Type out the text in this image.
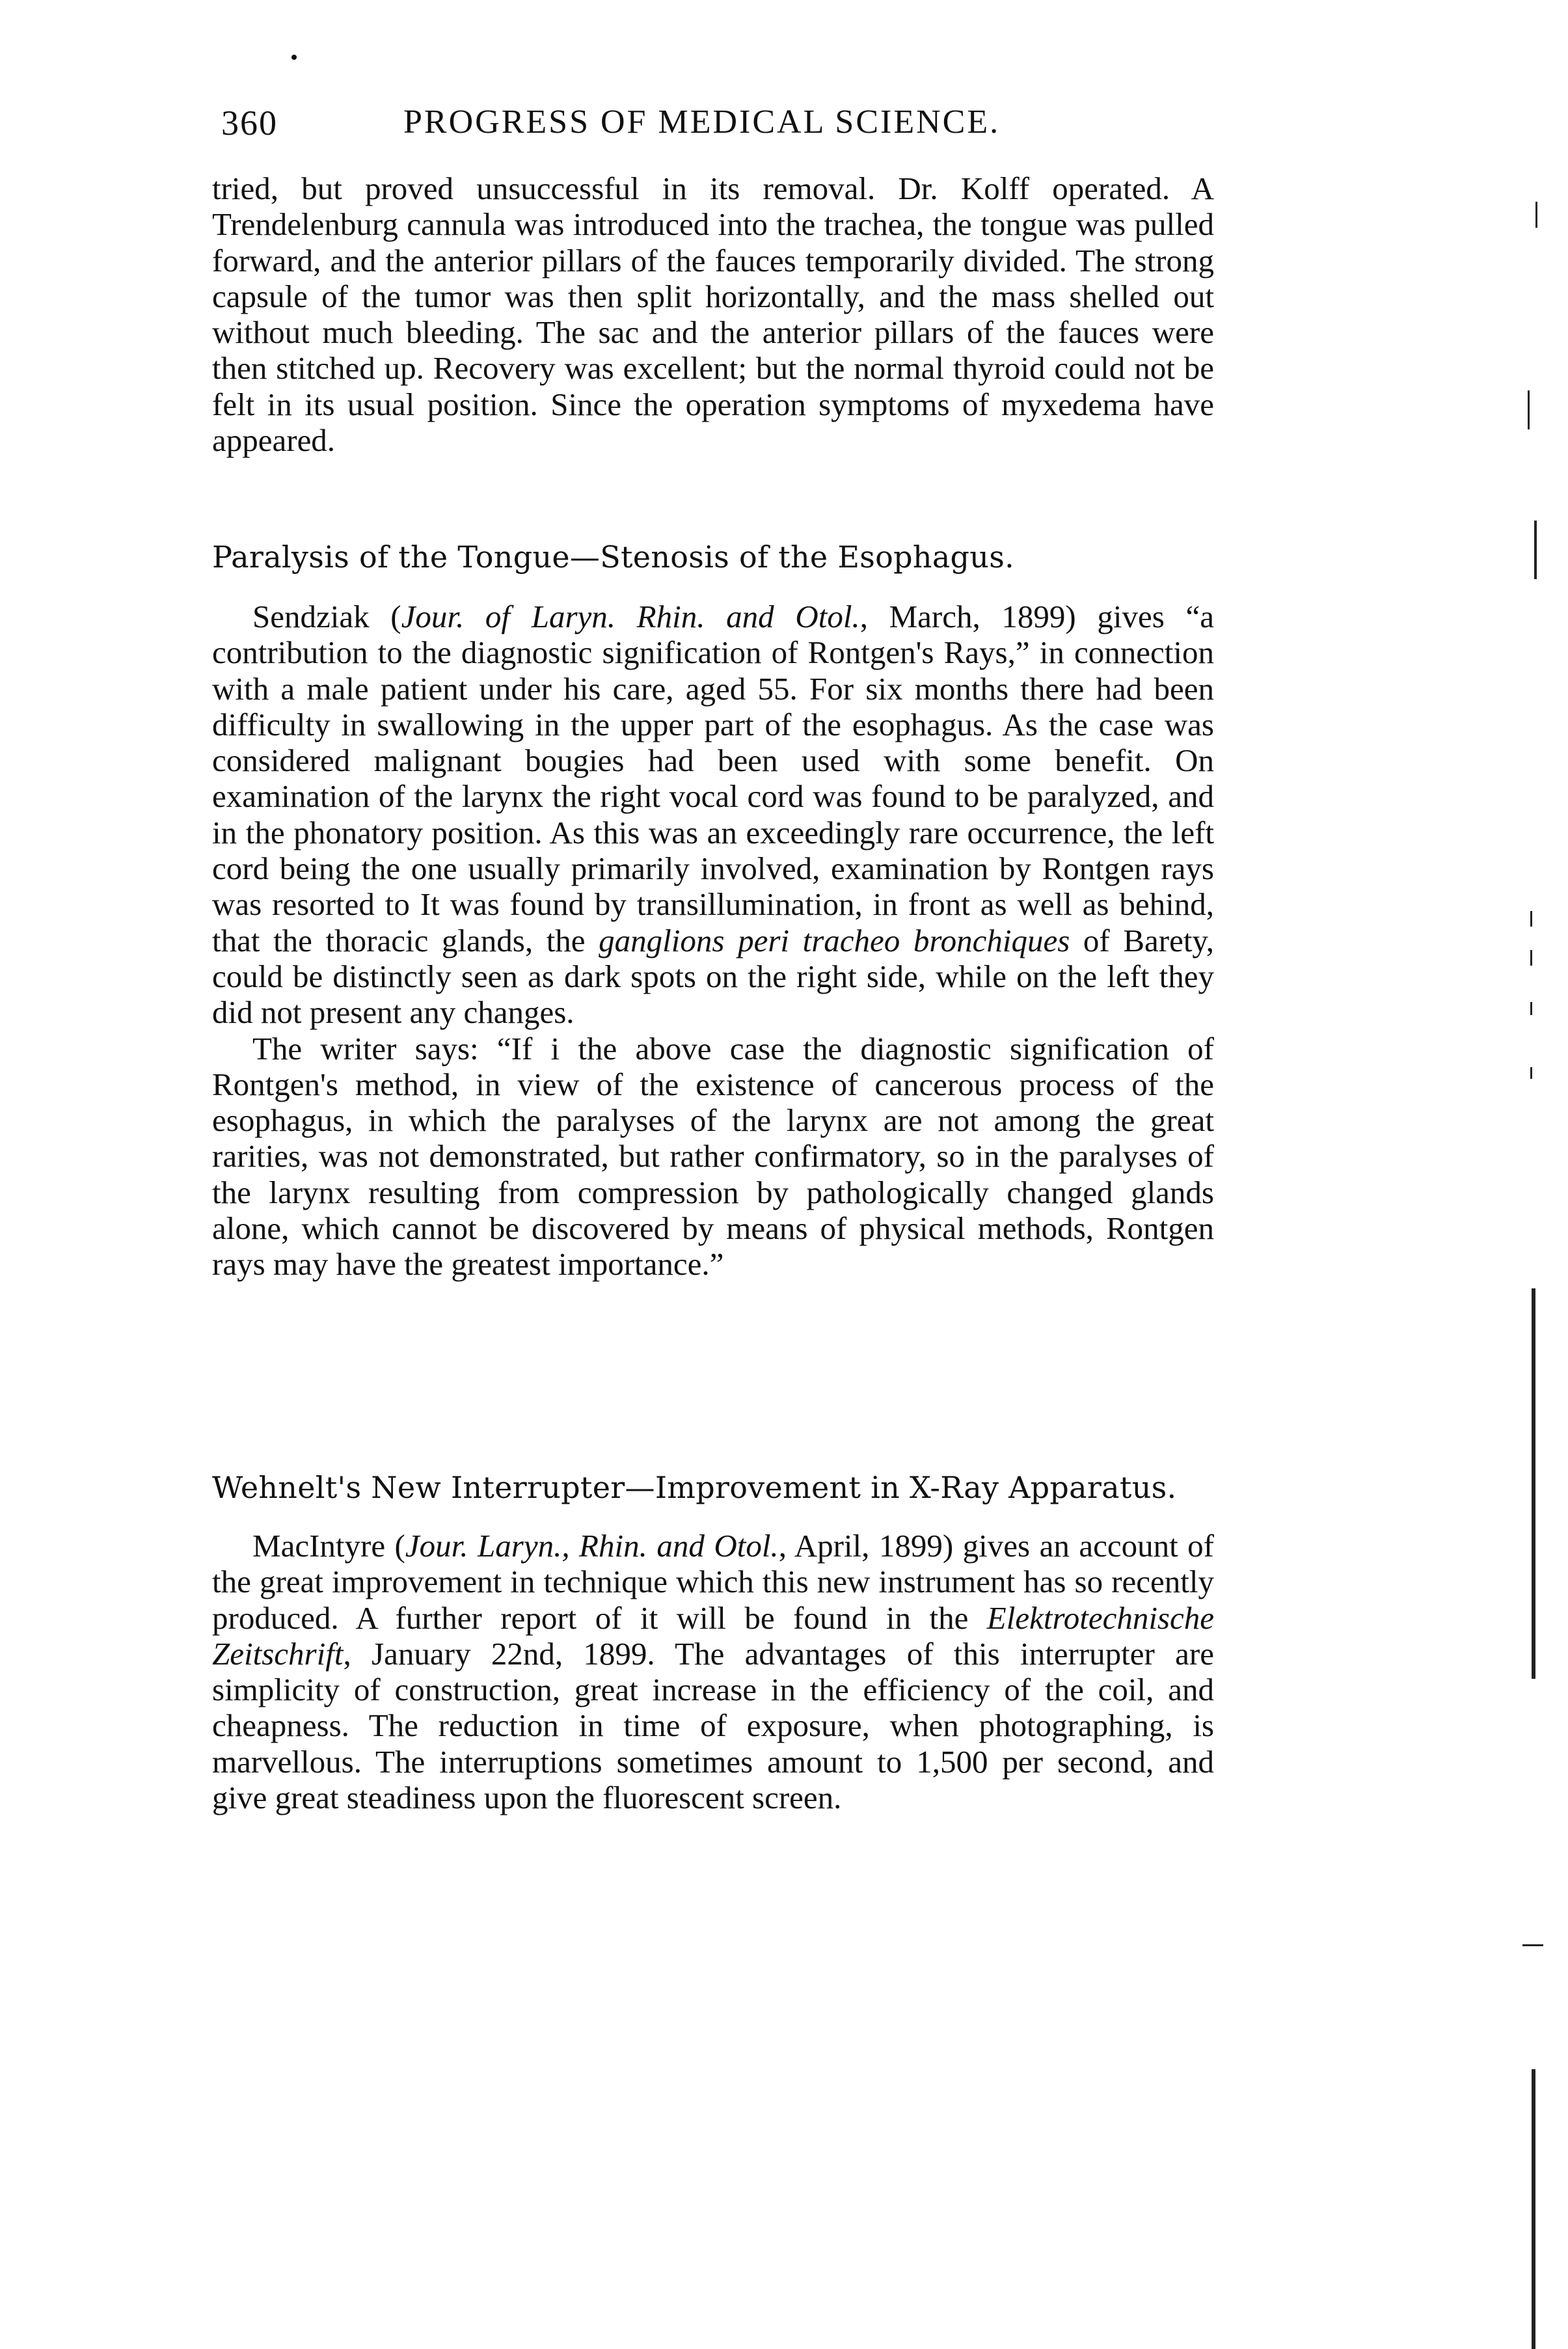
360	PROGRESS OF MEDICAL SCIENCE.

tried, but proved unsuccessful in its removal. Dr. Kolff operated. A Trendelenburg cannula was introduced into the trachea, the tongue was pulled forward, and the anterior pillars of the fauces temporarily divided. The strong capsule of the tumor was then split horizontally, and the mass shelled out without much bleeding. The sac and the anterior pillars of the fauces were then stitched up. Recovery was excellent; but the normal thyroid could not be felt in its usual position. Since the operation symptoms of myxedema have appeared.

Paralysis of the Tongue—Stenosis of the Esophagus.

Sendziak (Jour. of Laryn. Rhin. and Otol., March, 1899) gives “a contribution to the diagnostic signification of Rontgen's Rays,” in connection with a male patient under his care, aged 55. For six months there had been difficulty in swallowing in the upper part of the esophagus. As the case was considered malignant bougies had been used with some benefit. On examination of the larynx the right vocal cord was found to be paralyzed, and in the phonatory position. As this was an exceedingly rare occurrence, the left cord being the one usually primarily involved, examination by Rontgen rays was resorted to It was found by transillumination, in front as well as behind, that the thoracic glands, the ganglions peri tracheo bronchiques of Barety, could be distinctly seen as dark spots on the right side, while on the left they did not present any changes.

The writer says: “If i the above case the diagnostic signification of Rontgen's method, in view of the existence of cancerous process of the esophagus, in which the paralyses of the larynx are not among the great rarities, was not demonstrated, but rather confirmatory, so in the paralyses of the larynx resulting from compression by pathologically changed glands alone, which cannot be discovered by means of physical methods, Rontgen rays may have the greatest importance.”

Wehnelt's New Interrupter—Improvement in X-Ray Apparatus.

MacIntyre (Jour. Laryn., Rhin. and Otol., April, 1899) gives an account of the great improvement in technique which this new instrument has so recently produced. A further report of it will be found in the Elektrotechnische Zeitschrift, January 22nd, 1899. The advantages of this interrupter are simplicity of construction, great increase in the efficiency of the coil, and cheapness. The reduction in time of exposure, when photographing, is marvellous. The interruptions sometimes amount to 1,500 per second, and give great steadiness upon the fluorescent screen.
